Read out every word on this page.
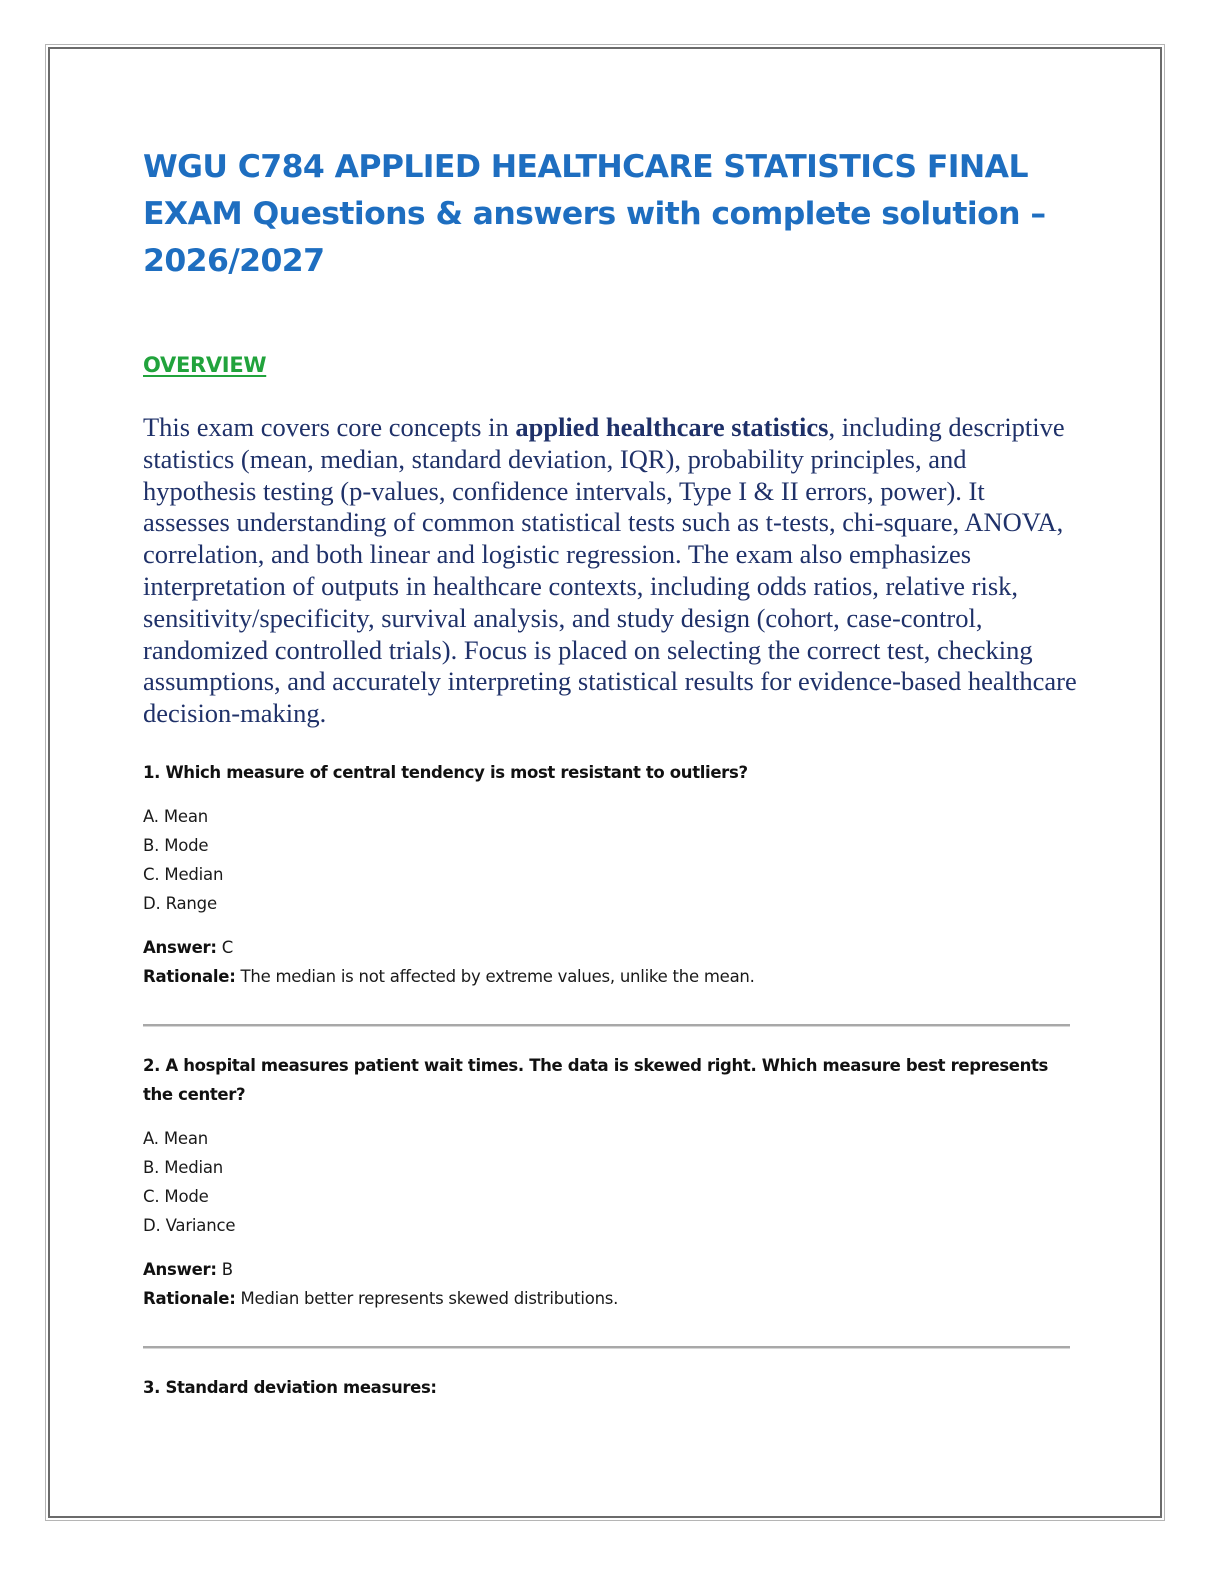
WGU C784 APPLIED HEALTHCARE STATISTICS FINAL EXAM Questions & answers with complete solution – 2026/2027
OVERVIEW

This exam covers core concepts in applied healthcare statistics, including descriptive statistics (mean, median, standard deviation, IQR), probability principles, and hypothesis testing (p-values, confidence intervals, Type I & II errors, power). It assesses understanding of common statistical tests such as t-tests, chi-square, ANOVA, correlation, and both linear and logistic regression. The exam also emphasizes interpretation of outputs in healthcare contexts, including odds ratios, relative risk, sensitivity/specificity, survival analysis, and study design (cohort, case-control, randomized controlled trials). Focus is placed on selecting the correct test, checking assumptions, and accurately interpreting statistical results for evidence-based healthcare decision-making.

1. Which measure of central tendency is most resistant to outliers?

A. Mean
B. Mode
C. Median
D. Range
Answer: C
Rationale: The median is not affected by extreme values, unlike the mean.

2. A hospital measures patient wait times. The data is skewed right. Which measure best represents the center?

A. Mean
B. Median
C. Mode
D. Variance
Answer: B
Rationale: Median better represents skewed distributions.

3. Standard deviation measures:
